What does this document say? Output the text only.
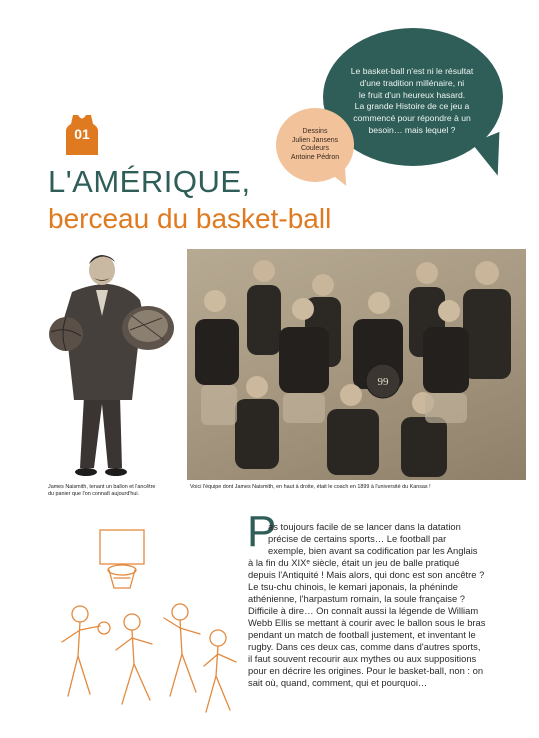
Le basket-ball n'est ni le résultat
d'une tradition millénaire, ni
le fruit d'un heureux hasard.
La grande Histoire de ce jeu a
commencé pour répondre à un
besoin… mais lequel ?
Dessins
Julien Jansens
Couleurs
Antoine Pédron
01
L'AMÉRIQUE,
berceau du basket-ball
James Naismith, tenant un ballon et l'ancêtre
du panier que l'on connaît aujourd'hui.
99
Voici l'équipe dont James Naismith, en haut à droite, était le coach en 1899 à l'université du Kansas !
P
as toujours facile de se lancer dans la datation
précise de certains sports… Le football par
exemple, bien avant sa codification par les Anglais
à la fin du XIXᵉ siècle, était un jeu de balle pratiqué
depuis l'Antiquité ! Mais alors, qui donc est son ancêtre ?
Le tsu-chu chinois, le kemari japonais, la phéninde
athénienne, l'harpastum romain, la soule française ?
Difficile à dire… On connaît aussi la légende de William
Webb Ellis se mettant à courir avec le ballon sous le bras
pendant un match de football justement, et inventant le
rugby. Dans ces deux cas, comme dans d'autres sports,
il faut souvent recourir aux mythes ou aux suppositions
pour en décrire les origines. Pour le basket-ball, non : on
sait où, quand, comment, qui et pourquoi…
